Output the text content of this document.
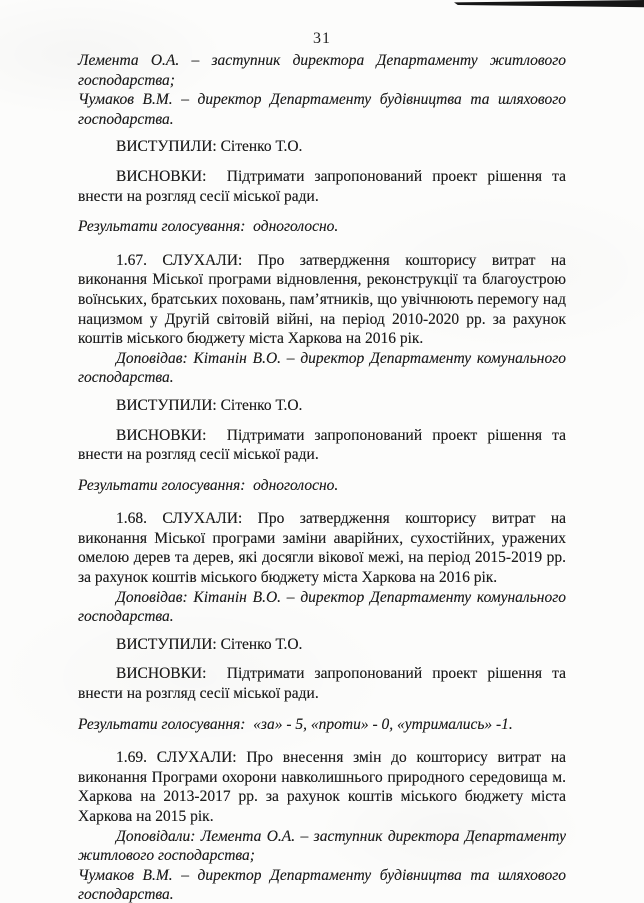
31

Лемента О.А. – заступник директора Департаменту житлового господарства;

Чумаков В.М. – директор Департаменту будівництва та шляхового господарства.

ВИСТУПИЛИ: Сітенко Т.О.

ВИСНОВКИ:  Підтримати запропонований проект рішення та внести на розгляд сесії міської ради.

Результати голосування:  одноголосно.

1.67. СЛУХАЛИ: Про затвердження кошторису витрат на виконання Міської програми відновлення, реконструкції та благоустрою воїнських, братських поховань, пам’ятників, що увічнюють перемогу над нацизмом у Другій світовій війні, на період 2010-2020 рр. за рахунок коштів міського бюджету міста Харкова на 2016 рік.

Доповідав: Кітанін В.О. – директор Департаменту комунального господарства.

ВИСТУПИЛИ: Сітенко Т.О.

ВИСНОВКИ:  Підтримати запропонований проект рішення та внести на розгляд сесії міської ради.

Результати голосування:  одноголосно.

1.68. СЛУХАЛИ: Про затвердження кошторису витрат на виконання Міської програми заміни аварійних, сухостійних, уражених омелою дерев та дерев, які досягли вікової межі, на період 2015-2019 рр. за рахунок коштів міського бюджету міста Харкова на 2016 рік.

Доповідав: Кітанін В.О. – директор Департаменту комунального господарства.

ВИСТУПИЛИ: Сітенко Т.О.

ВИСНОВКИ:  Підтримати запропонований проект рішення та внести на розгляд сесії міської ради.

Результати голосування:  «за» - 5, «проти» - 0, «утримались» -1.

1.69. СЛУХАЛИ: Про внесення змін до кошторису витрат на виконання Програми охорони навколишнього природного середовища м. Харкова на 2013-2017 рр. за рахунок коштів міського бюджету міста Харкова на 2015 рік.

Доповідали: Лемента О.А. – заступник директора Департаменту житлового господарства;

Чумаков В.М. – директор Департаменту будівництва та шляхового господарства.
